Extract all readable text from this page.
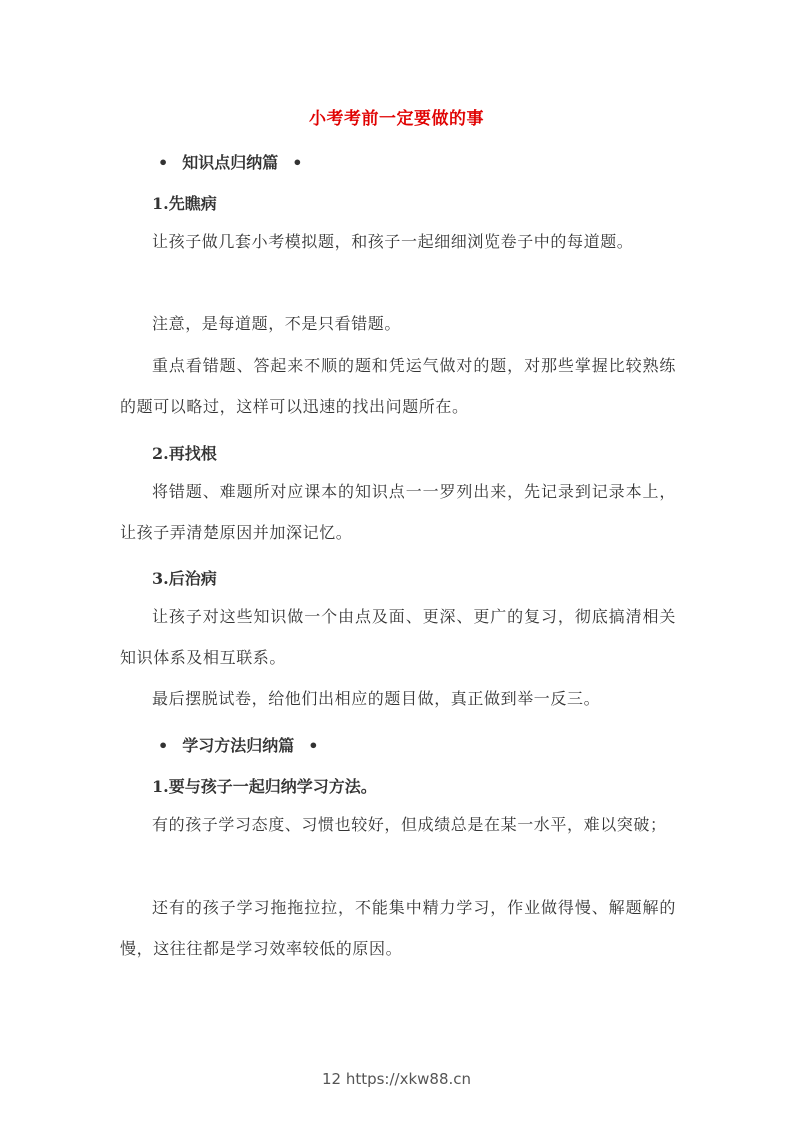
小考考前一定要做的事
• 知识点归纳篇 •
1.先瞧病
让孩子做几套小考模拟题，和孩子一起细细浏览卷子中的每道题。
注意，是每道题，不是只看错题。
重点看错题、答起来不顺的题和凭运气做对的题，对那些掌握比较熟练的题可以略过，这样可以迅速的找出问题所在。
2.再找根
将错题、难题所对应课本的知识点一一罗列出来，先记录到记录本上，让孩子弄清楚原因并加深记忆。
3.后治病
让孩子对这些知识做一个由点及面、更深、更广的复习，彻底搞清相关知识体系及相互联系。
最后摆脱试卷，给他们出相应的题目做，真正做到举一反三。
• 学习方法归纳篇 •
1.要与孩子一起归纳学习方法。
有的孩子学习态度、习惯也较好，但成绩总是在某一水平，难以突破；
还有的孩子学习拖拖拉拉，不能集中精力学习，作业做得慢、解题解的慢，这往往都是学习效率较低的原因。
12 https://xkw88.cn
